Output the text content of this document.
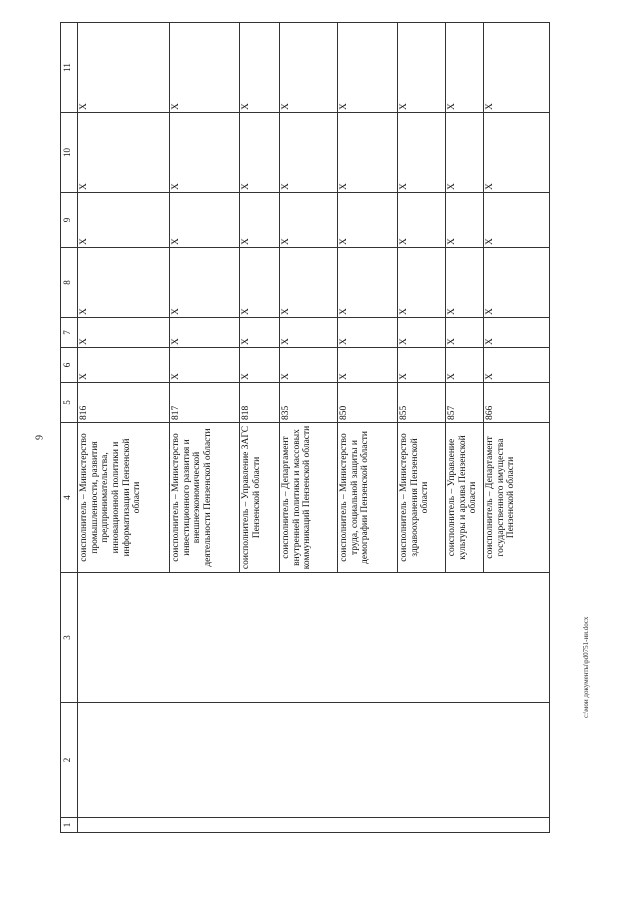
9
1	2	3	4	5	6	7	8	9	10	11
			соисполнитель – Министерство промышленности, развития предпринимательства, инновационной политики и информатизации Пензенской области	816	X	X	X	X	X	X
			соисполнитель – Министерство инвестиционного развития и внешнеэкономической деятельности Пензенской области	817	X	X	X	X	X	X
			соисполнитель – Управление ЗАГС Пензенской области	818	X	X	X	X	X	X
			соисполнитель – Департамент внутренней политики и массовых коммуникаций Пензенской области	835	X	X	X	X	X	X
			соисполнитель – Министерство труда, социальной защиты и демографии Пензенской области	850	X	X	X	X	X	X
			соисполнитель – Министерство здравоохранения Пензенской области	855	X	X	X	X	X	X
			соисполнитель – Управление культуры и архива Пензенской области	857	X	X	X	X	X	X
			соисполнитель – Департамент государственного имущества Пензенской области	866	X	X	X	X	X	X
c:\мои документы\pd0751-ии.docx
